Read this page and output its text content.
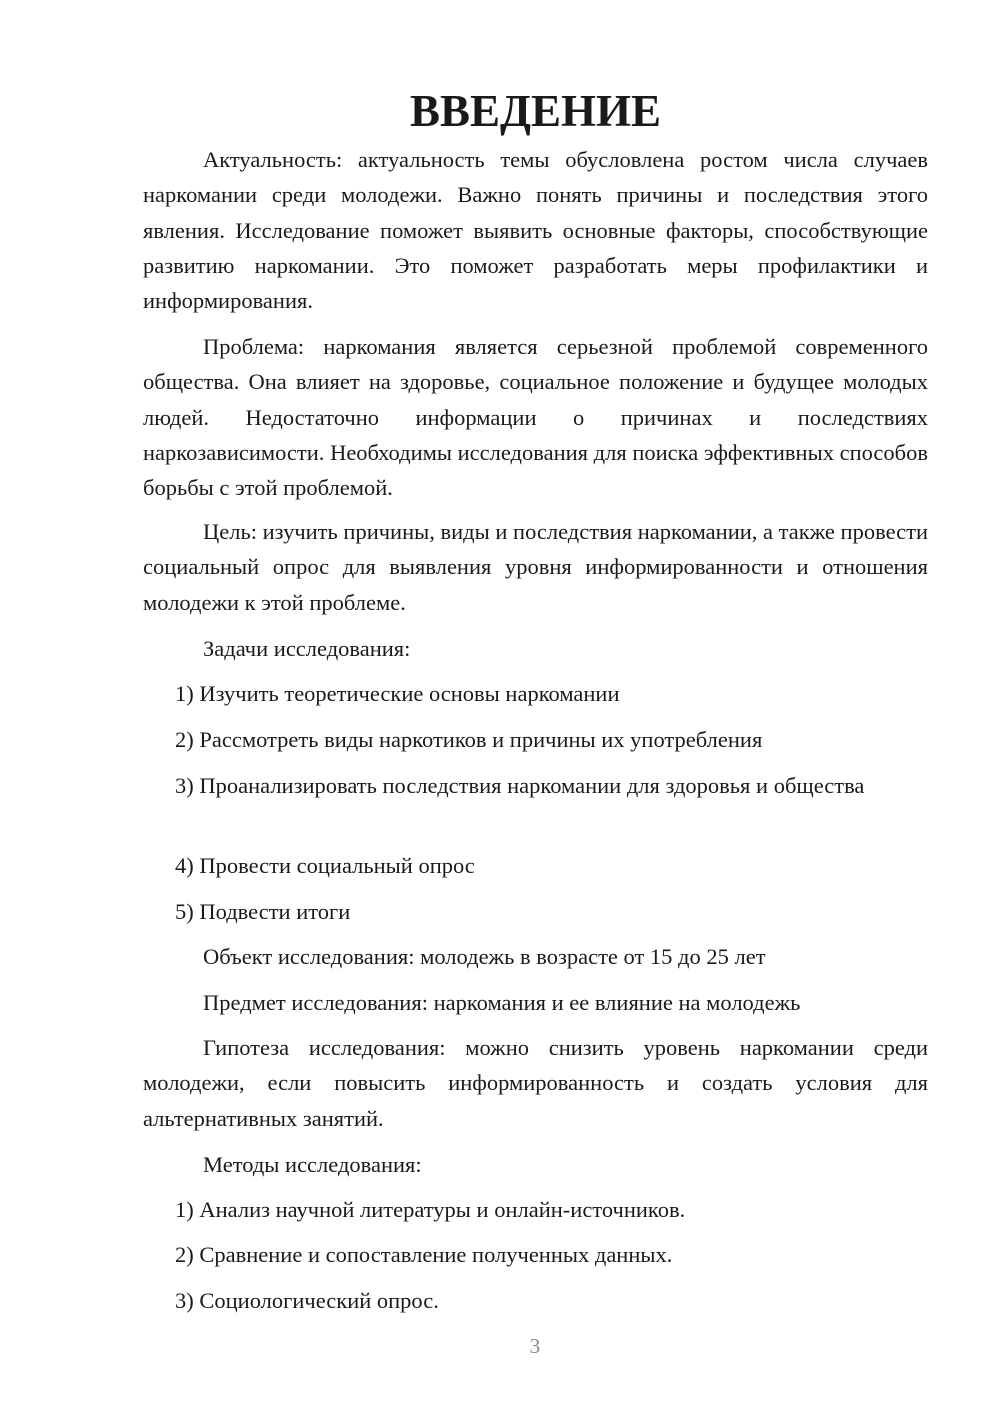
ВВЕДЕНИЕ

Актуальность: актуальность темы обусловлена ростом числа случаев наркомании среди молодежи. Важно понять причины и последствия этого явления. Исследование поможет выявить основные факторы, способствующие развитию наркомании. Это поможет разработать меры профилактики и информирования.

Проблема: наркомания является серьезной проблемой современного общества. Она влияет на здоровье, социальное положение и будущее молодых людей. Недостаточно информации о причинах и последствиях наркозависимости. Необходимы исследования для поиска эффективных способов борьбы с этой проблемой.

Цель: изучить причины, виды и последствия наркомании, а также провести социальный опрос для выявления уровня информированности и отношения молодежи к этой проблеме.

Задачи исследования:

1) Изучить теоретические основы наркомании

2) Рассмотреть виды наркотиков и причины их употребления

3) Проанализировать последствия наркомании для здоровья и общества

4) Провести социальный опрос

5) Подвести итоги

Объект исследования: молодежь в возрасте от 15 до 25 лет

Предмет исследования: наркомания и ее влияние на молодежь

Гипотеза исследования: можно снизить уровень наркомании среди молодежи, если повысить информированность и создать условия для альтернативных занятий.

Методы исследования:

1) Анализ научной литературы и онлайн-источников.

2) Сравнение и сопоставление полученных данных.

3) Социологический опрос.

3
